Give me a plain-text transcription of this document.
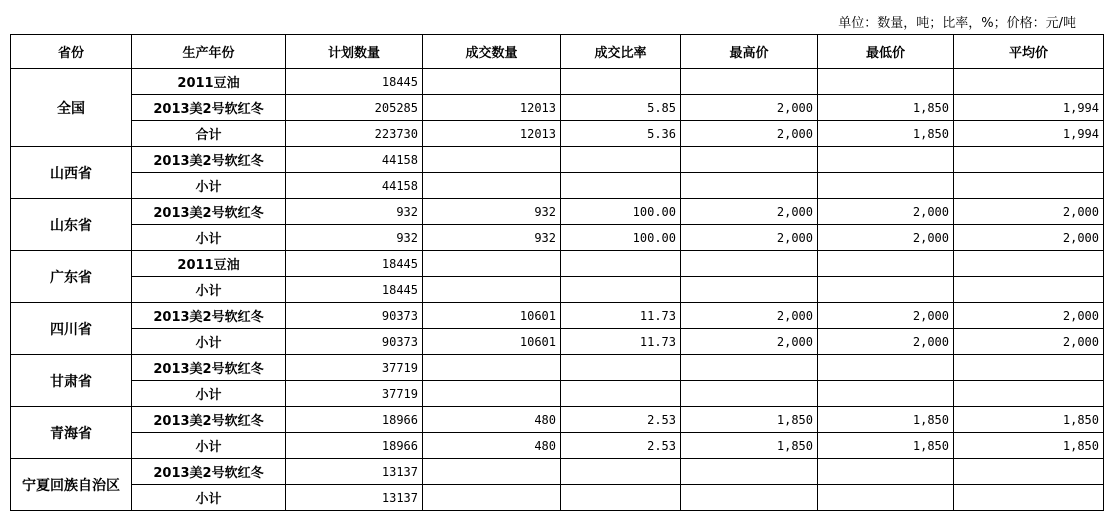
单位：数量，吨；比率，%；价格：元/吨
省份	生产年份	计划数量	成交数量	成交比率	最高价	最低价	平均价
全国	2011豆油	18445					
	2013美2号软红冬	205285	12013	5.85	2,000	1,850	1,994
	合计	223730	12013	5.36	2,000	1,850	1,994
山西省	2013美2号软红冬	44158					
	小计	44158					
山东省	2013美2号软红冬	932	932	100.00	2,000	2,000	2,000
	小计	932	932	100.00	2,000	2,000	2,000
广东省	2011豆油	18445					
	小计	18445					
四川省	2013美2号软红冬	90373	10601	11.73	2,000	2,000	2,000
	小计	90373	10601	11.73	2,000	2,000	2,000
甘肃省	2013美2号软红冬	37719					
	小计	37719					
青海省	2013美2号软红冬	18966	480	2.53	1,850	1,850	1,850
	小计	18966	480	2.53	1,850	1,850	1,850
宁夏回族自治区	2013美2号软红冬	13137					
	小计	13137					
